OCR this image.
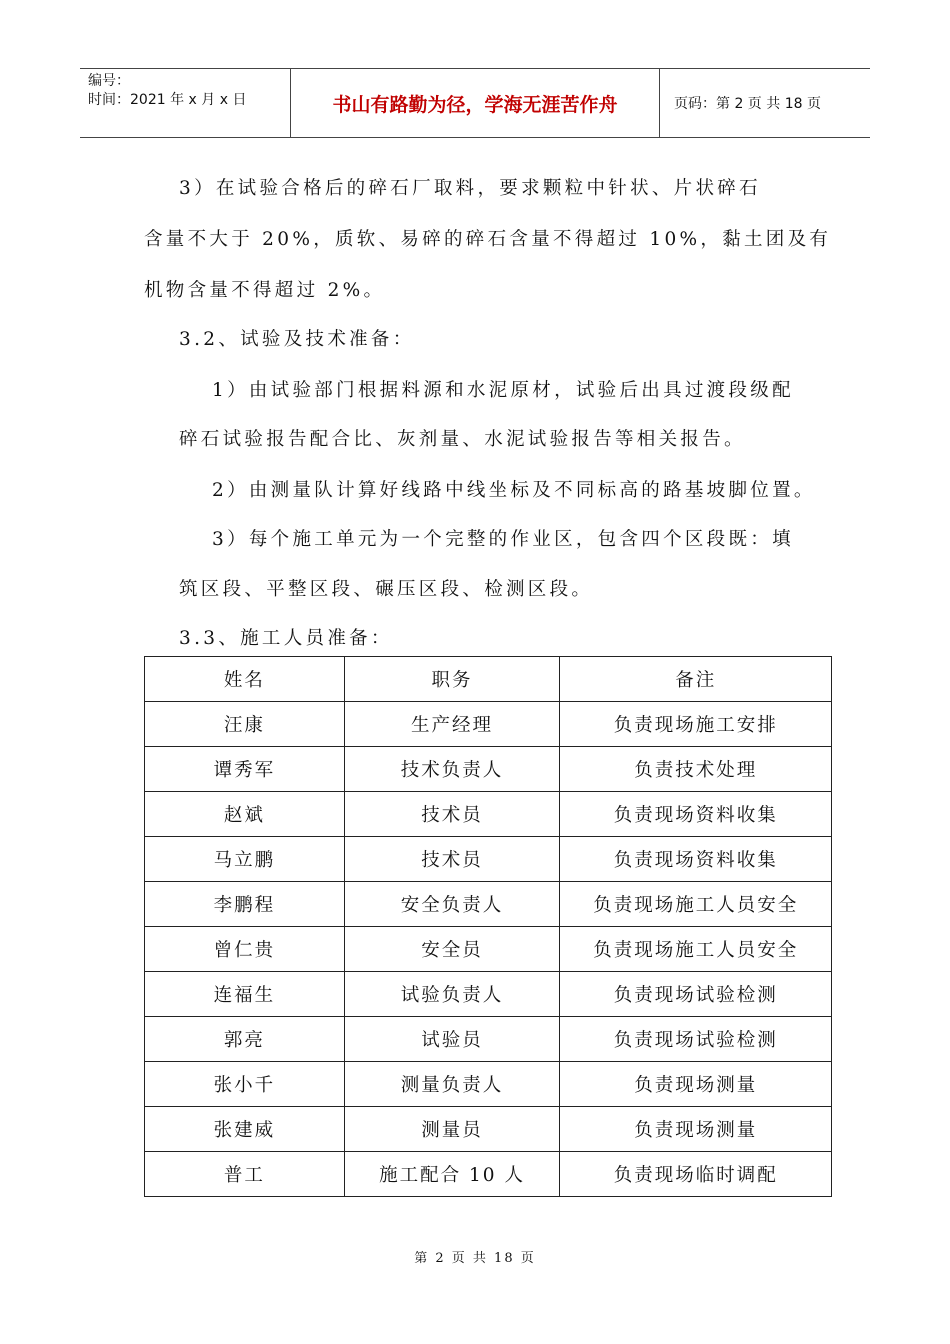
编号：
时间：2021 年 x 月 x 日	书山有路勤为径，学海无涯苦作舟	页码：第 2 页 共 18 页
3）在试验合格后的碎石厂取料，要求颗粒中针状、片状碎石
含量不大于 20%，质软、易碎的碎石含量不得超过 10%，黏土团及有
机物含量不得超过 2%。
3.2、试验及技术准备：
1）由试验部门根据料源和水泥原材，试验后出具过渡段级配
碎石试验报告配合比、灰剂量、水泥试验报告等相关报告。
2）由测量队计算好线路中线坐标及不同标高的路基坡脚位置。
3）每个施工单元为一个完整的作业区，包含四个区段既：填
筑区段、平整区段、碾压区段、检测区段。
3.3、施工人员准备：
姓名	职务	备注
汪康	生产经理	负责现场施工安排
谭秀军	技术负责人	负责技术处理
赵斌	技术员	负责现场资料收集
马立鹏	技术员	负责现场资料收集
李鹏程	安全负责人	负责现场施工人员安全
曾仁贵	安全员	负责现场施工人员安全
连福生	试验负责人	负责现场试验检测
郭亮	试验员	负责现场试验检测
张小千	测量负责人	负责现场测量
张建威	测量员	负责现场测量
普工	施工配合 10 人	负责现场临时调配
第 2 页 共 18 页
